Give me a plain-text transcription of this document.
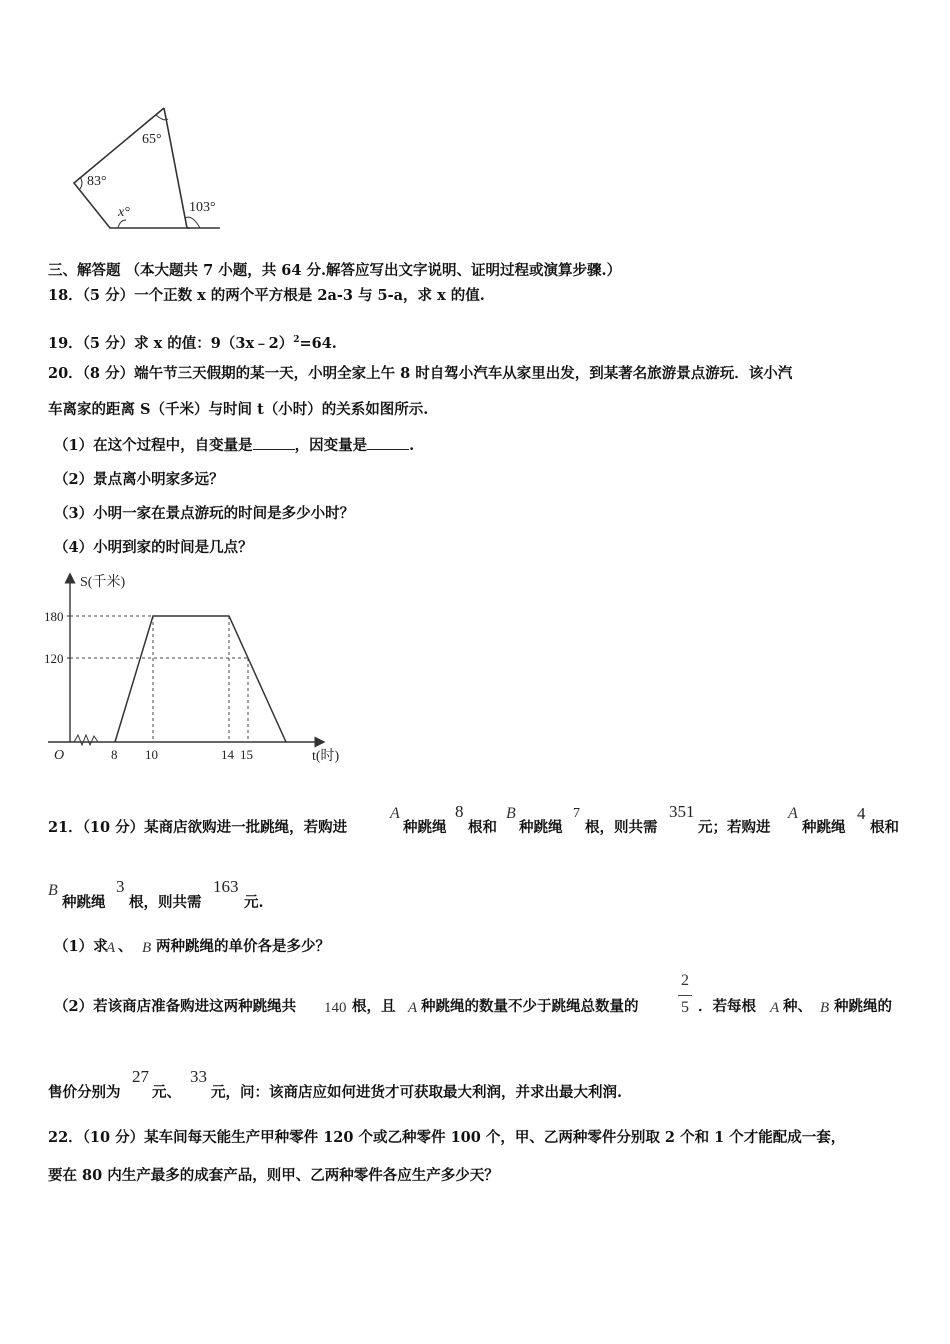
65°
83°
x°	103°
三、解答题 （本大题共 7 小题，共 64 分.解答应写出文字说明、证明过程或演算步骤.）
18．（5 分）一个正数 x 的两个平方根是 2a-3 与 5-a，求 x 的值.
19．（5 分）求 x 的值：9（3x﹣2）$^2$=64.
20．（8 分）端午节三天假期的某一天，小明全家上午 8 时自驾小汽车从家里出发，到某著名旅游景点游玩．该小汽
车离家的距离 S（千米）与时间 t（小时）的关系如图所示.
（1）在这个过程中，自变量是	，因变量是	.
（2）景点离小明家多远？
（3）小明一家在景点游玩的时间是多少小时？
（4）小明到家的时间是几点？
S(千米)
t(时)
O
180
120
8 10	14 15
21．（10 分）某商店欲购进一批跳绳，若购进
A
种跳绳
8
根和
B
种跳绳
7
根，则共需
351
元；若购进
A
种跳绳
4
根和
B
种跳绳
3
根，则共需
163
元.
（1）求
A 、 B 两种跳绳的单价各是多少？
（2）若该商店准备购进这两种跳绳共 140 根，且 A 种跳绳的数量不少于跳绳总数量的
2
5 ．若每根 A 种、 B 种跳绳的
售价分别为
27
元、
33
元，问：该商店应如何进货才可获取最大利润，并求出最大利润.
22．（10 分）某车间每天能生产甲种零件 120 个或乙种零件 100 个，甲、乙两种零件分别取 2 个和 1 个才能配成一套，
要在 80 内生产最多的成套产品，则甲、乙两种零件各应生产多少天？
